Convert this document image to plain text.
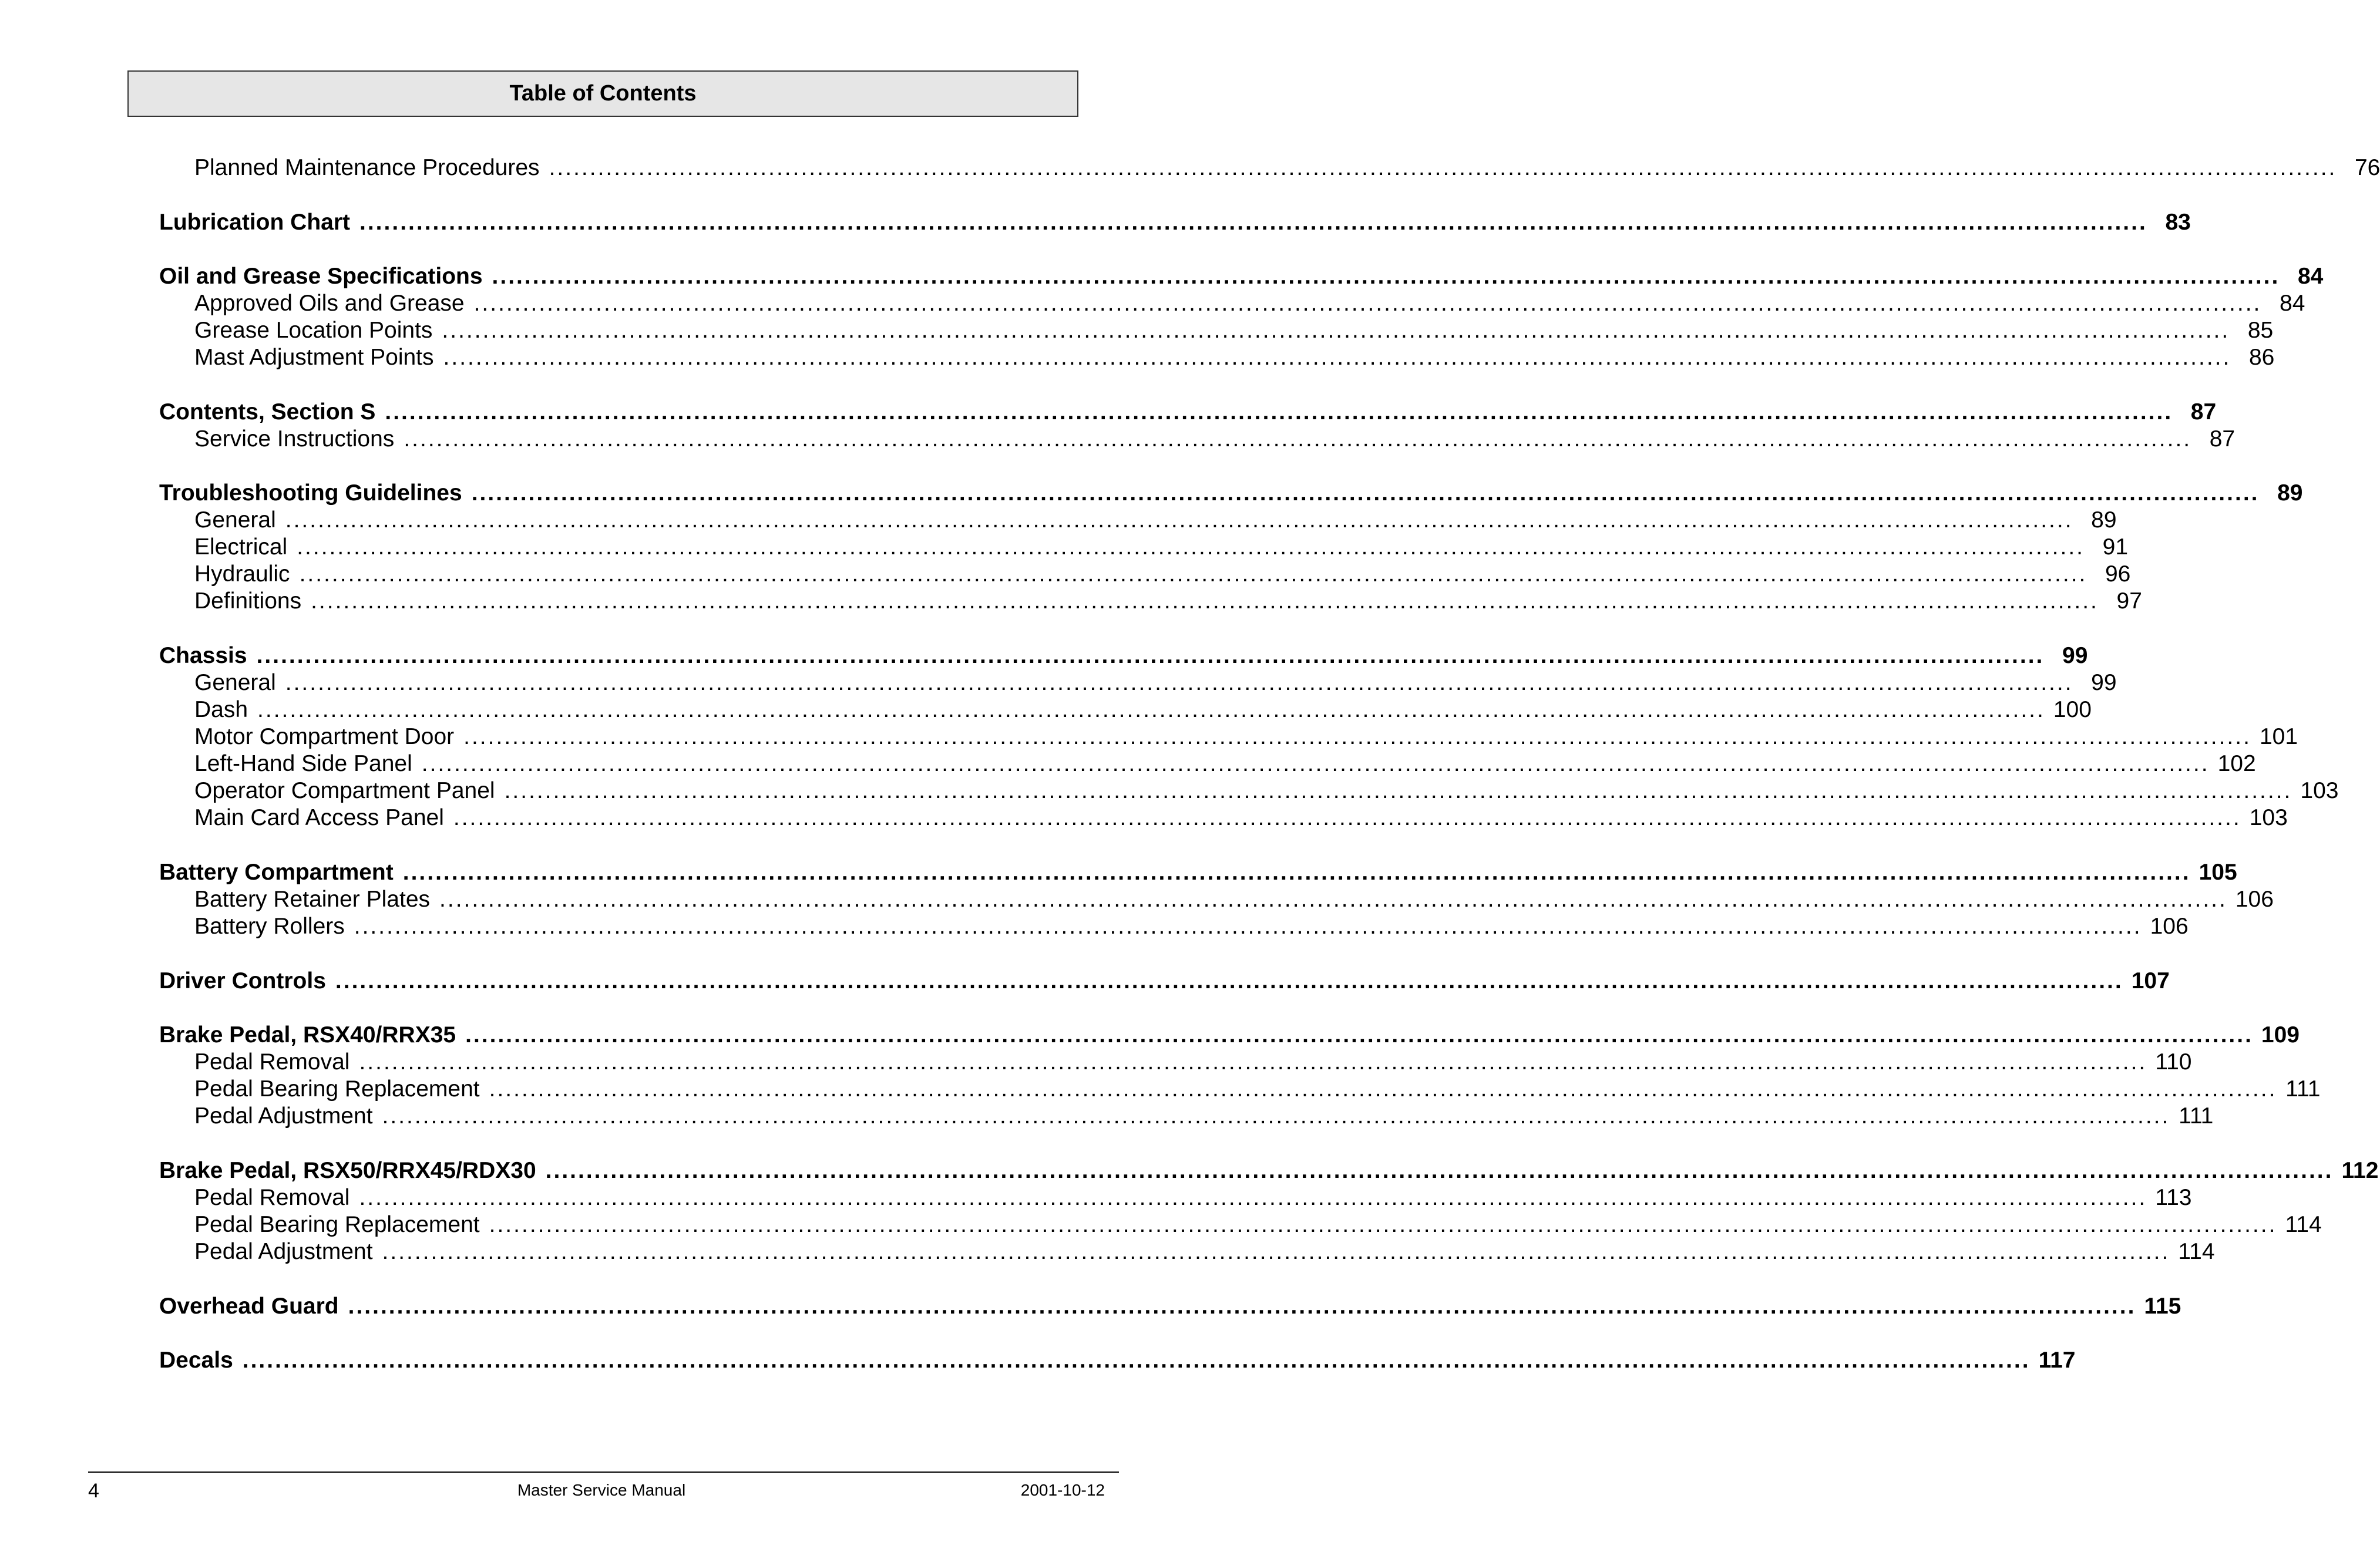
Table of Contents
Planned Maintenance Procedures ............................................................................................................................................................................................................................ 76
Lubrication Chart ............................................................................................................................................................................................................................ 83
Oil and Grease Specifications ............................................................................................................................................................................................................................ 84
Approved Oils and Grease ............................................................................................................................................................................................................................ 84
Grease Location Points ............................................................................................................................................................................................................................ 85
Mast Adjustment Points ............................................................................................................................................................................................................................ 86
Contents, Section S ............................................................................................................................................................................................................................ 87
Service Instructions ............................................................................................................................................................................................................................ 87
Troubleshooting Guidelines ............................................................................................................................................................................................................................ 89
General ............................................................................................................................................................................................................................ 89
Electrical ............................................................................................................................................................................................................................ 91
Hydraulic ............................................................................................................................................................................................................................ 96
Definitions ............................................................................................................................................................................................................................ 97
Chassis ............................................................................................................................................................................................................................ 99
General ............................................................................................................................................................................................................................ 99
Dash ............................................................................................................................................................................................................................ 100
Motor Compartment Door ............................................................................................................................................................................................................................ 101
Left-Hand Side Panel ............................................................................................................................................................................................................................ 102
Operator Compartment Panel ............................................................................................................................................................................................................................ 103
Main Card Access Panel ............................................................................................................................................................................................................................ 103
Battery Compartment ............................................................................................................................................................................................................................ 105
Battery Retainer Plates ............................................................................................................................................................................................................................ 106
Battery Rollers ............................................................................................................................................................................................................................ 106
Driver Controls ............................................................................................................................................................................................................................ 107
Brake Pedal, RSX40/RRX35 ............................................................................................................................................................................................................................ 109
Pedal Removal ............................................................................................................................................................................................................................ 110
Pedal Bearing Replacement ............................................................................................................................................................................................................................ 111
Pedal Adjustment ............................................................................................................................................................................................................................ 111
Brake Pedal, RSX50/RRX45/RDX30 ............................................................................................................................................................................................................................ 112
Pedal Removal ............................................................................................................................................................................................................................ 113
Pedal Bearing Replacement ............................................................................................................................................................................................................................ 114
Pedal Adjustment ............................................................................................................................................................................................................................ 114
Overhead Guard ............................................................................................................................................................................................................................ 115
Decals ............................................................................................................................................................................................................................ 117
4	Master Service Manual	2001-10-12
